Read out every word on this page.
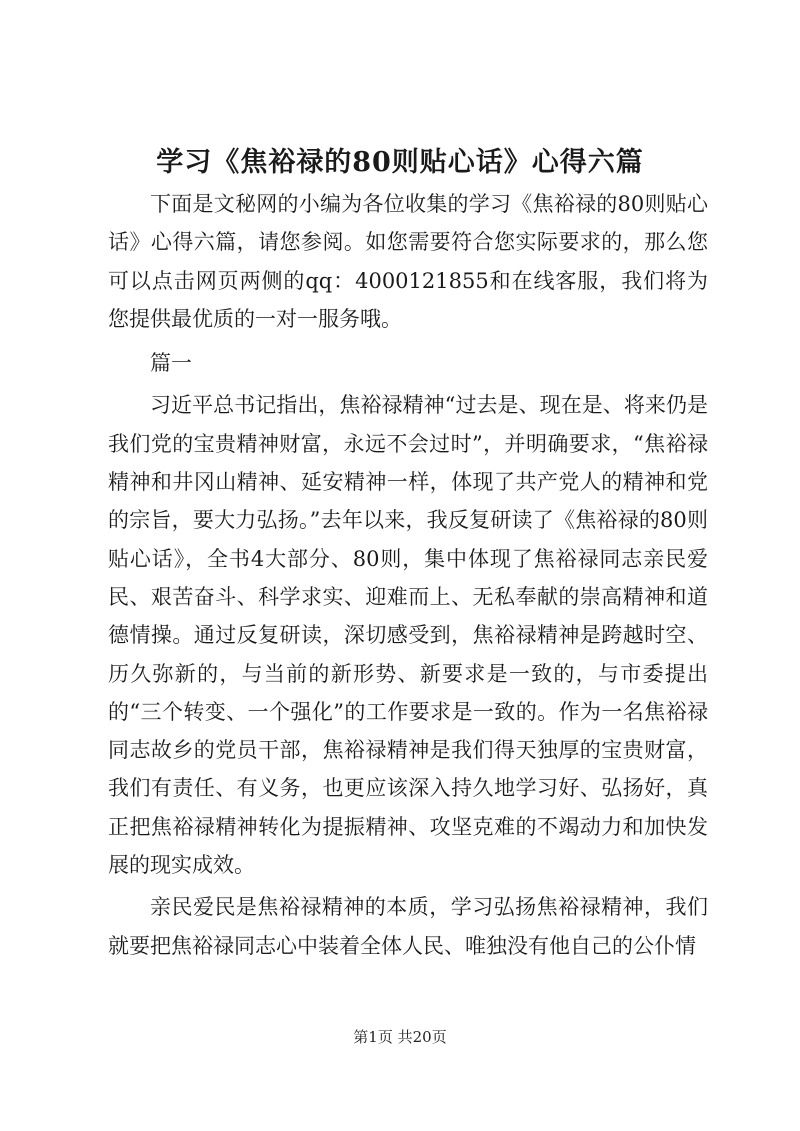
学习《焦裕禄的80则贴心话》心得六篇

下面是文秘网的小编为各位收集的学习《焦裕禄的80则贴心话》心得六篇，请您参阅。如您需要符合您实际要求的，那么您可以点击网页两侧的qq：4000121855和在线客服，我们将为您提供最优质的一对一服务哦。

篇一

习近平总书记指出，焦裕禄精神“过去是、现在是、将来仍是我们党的宝贵精神财富，永远不会过时”，并明确要求，“焦裕禄精神和井冈山精神、延安精神一样，体现了共产党人的精神和党的宗旨，要大力弘扬。”去年以来，我反复研读了《焦裕禄的80则贴心话》，全书4大部分、80则，集中体现了焦裕禄同志亲民爱民、艰苦奋斗、科学求实、迎难而上、无私奉献的崇高精神和道德情操。通过反复研读，深切感受到，焦裕禄精神是跨越时空、历久弥新的，与当前的新形势、新要求是一致的，与市委提出的“三个转变、一个强化”的工作要求是一致的。作为一名焦裕禄同志故乡的党员干部，焦裕禄精神是我们得天独厚的宝贵财富，我们有责任、有义务，也更应该深入持久地学习好、弘扬好，真正把焦裕禄精神转化为提振精神、攻坚克难的不竭动力和加快发展的现实成效。

亲民爱民是焦裕禄精神的本质，学习弘扬焦裕禄精神，我们就要把焦裕禄同志心中装着全体人民、唯独没有他自己的公仆情

第1页 共20页
